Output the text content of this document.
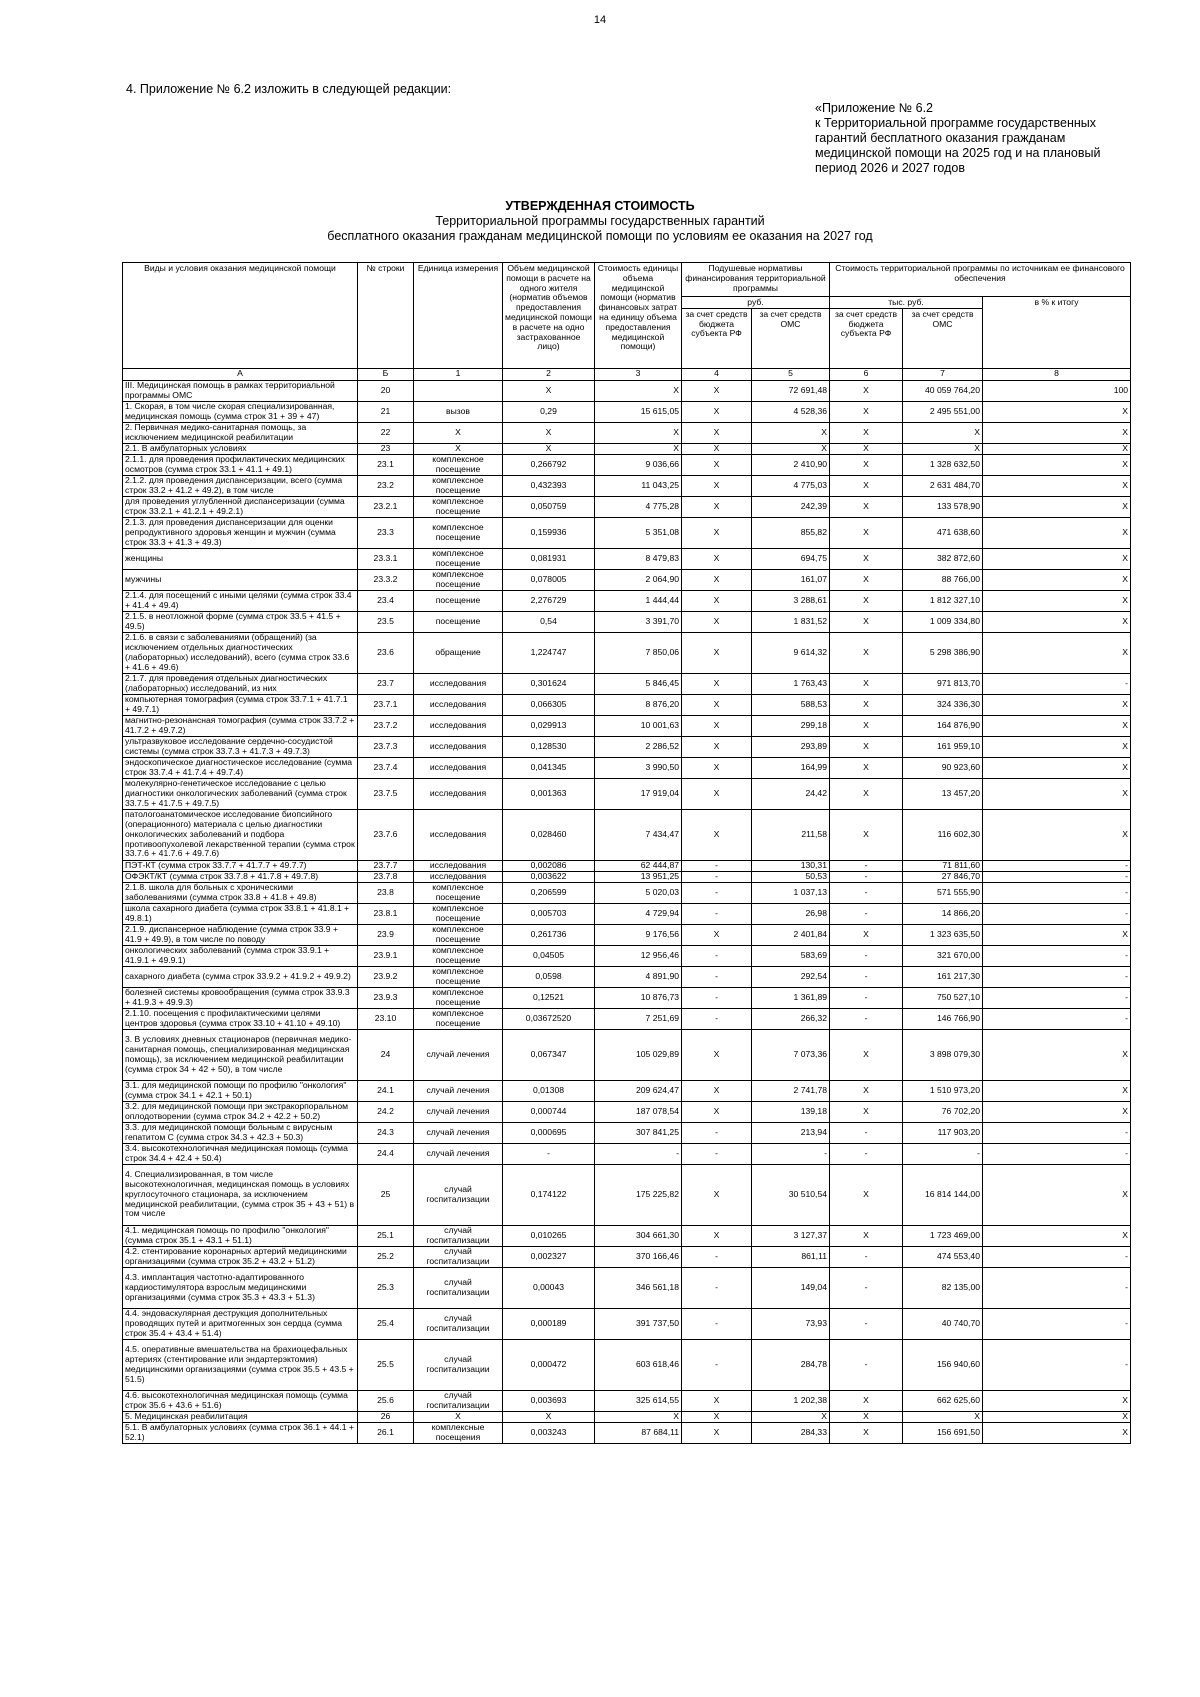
14
4. Приложение № 6.2 изложить в следующей редакции:
«Приложение № 6.2
к Территориальной программе государственных
гарантий бесплатного оказания гражданам
медицинской помощи на 2025 год и на плановый
период 2026 и 2027 годов
УТВЕРЖДЕННАЯ СТОИМОСТЬ
Территориальной программы государственных гарантий
бесплатного оказания гражданам медицинской помощи по условиям ее оказания на 2027 год
Виды и условия оказания медицинской помощи	№ строки	Единица измерения	Объем медицинской помощи в расчете на одного жителя (норматив объемов предоставления медицинской помощи в расчете на одно застрахованное лицо)	Стоимость единицы объема медицинской помощи (норматив финансовых затрат на единицу объема предоставления медицинской помощи)	Подушевые нормативы финансирования территориальной программы		Стоимость территориальной программы по источникам ее финансового обеспечения		
					руб.		тыс. руб.		в % к итогу
					за счет средств бюджета субъекта РФ	за счет средств ОМС	за счет средств бюджета субъекта РФ	за счет средств ОМС	
А	Б	1	2	3	4	5	6	7	8
III. Медицинская помощь в рамках территориальной программы ОМС	20		Х	Х	Х	72 691,48	Х	40 059 764,20	100
1. Скорая, в том числе скорая специализированная, медицинская помощь (сумма строк 31 + 39 + 47)	21	вызов	0,29	15 615,05	Х	4 528,36	Х	2 495 551,00	Х
2. Первичная медико-санитарная помощь, за исключением медицинской реабилитации	22	Х	Х	Х	Х	Х	Х	Х	Х
2.1. В амбулаторных условиях	23	Х	Х	Х	Х	Х	Х	Х	Х
2.1.1. для проведения профилактических медицинских осмотров (сумма строк 33.1 + 41.1 + 49.1)	23.1	комплексное посещение	0,266792	9 036,66	Х	2 410,90	Х	1 328 632,50	Х
2.1.2. для проведения диспансеризации, всего (сумма строк 33.2 + 41.2 + 49.2), в том числе	23.2	комплексное посещение	0,432393	11 043,25	Х	4 775,03	Х	2 631 484,70	Х
для проведения углубленной диспансеризации (сумма строк 33.2.1 + 41.2.1 + 49.2.1)	23.2.1	комплексное посещение	0,050759	4 775,28	Х	242,39	Х	133 578,90	Х
2.1.3. для проведения диспансеризации для оценки репродуктивного здоровья женщин и мужчин (сумма строк 33.3 + 41.3 + 49.3)	23.3	комплексное посещение	0,159936	5 351,08	Х	855,82	Х	471 638,60	Х
женщины	23.3.1	комплексное посещение	0,081931	8 479,83	Х	694,75	Х	382 872,60	Х
мужчины	23.3.2	комплексное посещение	0,078005	2 064,90	Х	161,07	Х	88 766,00	Х
2.1.4. для посещений с иными целями (сумма строк 33.4 + 41.4 + 49.4)	23.4	посещение	2,276729	1 444,44	Х	3 288,61	Х	1 812 327,10	Х
2.1.5. в неотложной форме (сумма строк 33.5 + 41.5 + 49.5)	23.5	посещение	0,54	3 391,70	Х	1 831,52	Х	1 009 334,80	Х
2.1.6. в связи с заболеваниями (обращений) (за исключением отдельных диагностических (лабораторных) исследований), всего (сумма строк 33.6 + 41.6 + 49.6)	23.6	обращение	1,224747	7 850,06	Х	9 614,32	Х	5 298 386,90	Х
2.1.7. для проведения отдельных диагностических (лабораторных) исследований, из них	23.7	исследования	0,301624	5 846,45	Х	1 763,43	Х	971 813,70	-
компьютерная томография (сумма строк 33.7.1 + 41.7.1 + 49.7.1)	23.7.1	исследования	0,066305	8 876,20	Х	588,53	Х	324 336,30	Х
магнитно-резонансная томография (сумма строк 33.7.2 + 41.7.2 + 49.7.2)	23.7.2	исследования	0,029913	10 001,63	Х	299,18	Х	164 876,90	Х
ультразвуковое исследование сердечно-сосудистой системы (сумма строк 33.7.3 + 41.7.3 + 49.7.3)	23.7.3	исследования	0,128530	2 286,52	Х	293,89	Х	161 959,10	Х
эндоскопическое диагностическое исследование (сумма строк 33.7.4 + 41.7.4 + 49.7.4)	23.7.4	исследования	0,041345	3 990,50	Х	164,99	Х	90 923,60	Х
молекулярно-генетическое исследование с целью диагностики онкологических заболеваний (сумма строк 33.7.5 + 41.7.5 + 49.7.5)	23.7.5	исследования	0,001363	17 919,04	Х	24,42	Х	13 457,20	Х
патологоанатомическое исследование биопсийного (операционного) материала с целью диагностики онкологических заболеваний и подбора противоопухолевой лекарственной терапии (сумма строк 33.7.6 + 41.7.6 + 49.7.6)	23.7.6	исследования	0,028460	7 434,47	Х	211,58	Х	116 602,30	Х
ПЭТ-КТ (сумма строк 33.7.7 + 41.7.7 + 49.7.7)	23.7.7	исследования	0,002086	62 444,87	-	130,31	-	71 811,60	-
ОФЭКТ/КТ (сумма строк 33.7.8 + 41.7.8 + 49.7.8)	23.7.8	исследования	0,003622	13 951,25	-	50,53	-	27 846,70	-
2.1.8. школа для больных с хроническими заболеваниями (сумма строк 33.8 + 41.8 + 49.8)	23.8	комплексное посещение	0,206599	5 020,03	-	1 037,13	-	571 555,90	-
школа сахарного диабета (сумма строк 33.8.1 + 41.8.1 + 49.8.1)	23.8.1	комплексное посещение	0,005703	4 729,94	-	26,98	-	14 866,20	-
2.1.9. диспансерное наблюдение (сумма строк 33.9 + 41.9 + 49.9), в том числе по поводу	23.9	комплексное посещение	0,261736	9 176,56	Х	2 401,84	Х	1 323 635,50	Х
онкологических заболеваний (сумма строк 33.9.1 + 41.9.1 + 49.9.1)	23.9.1	комплексное посещение	0,04505	12 956,46	-	583,69	-	321 670,00	-
сахарного диабета (сумма строк 33.9.2 + 41.9.2 + 49.9.2)	23.9.2	комплексное посещение	0,0598	4 891,90	-	292,54	-	161 217,30	-
болезней системы кровообращения (сумма строк 33.9.3 + 41.9.3 + 49.9.3)	23.9.3	комплексное посещение	0,12521	10 876,73	-	1 361,89	-	750 527,10	-
2.1.10. посещения с профилактическими целями центров здоровья (сумма строк 33.10 + 41.10 + 49.10)	23.10	комплексное посещение	0,03672520	7 251,69	-	266,32	-	146 766,90	-
3. В условиях дневных стационаров (первичная медико-санитарная помощь, специализированная медицинская помощь), за исключением медицинской реабилитации (сумма строк 34 + 42 + 50), в том числе	24	случай лечения	0,067347	105 029,89	Х	7 073,36	Х	3 898 079,30	Х
3.1. для медицинской помощи по профилю "онкология" (сумма строк 34.1 + 42.1 + 50.1)	24.1	случай лечения	0,01308	209 624,47	Х	2 741,78	Х	1 510 973,20	Х
3.2. для медицинской помощи при экстракорпоральном оплодотворении (сумма строк 34.2 + 42.2 + 50.2)	24.2	случай лечения	0,000744	187 078,54	Х	139,18	Х	76 702,20	Х
3.3. для медицинской помощи больным с вирусным гепатитом С (сумма строк 34.3 + 42.3 + 50.3)	24.3	случай лечения	0,000695	307 841,25	-	213,94	-	117 903,20	-
3.4. высокотехнологичная медицинская помощь (сумма строк 34.4 + 42.4 + 50.4)	24.4	случай лечения	-	-	-	-	-	-	-
4. Специализированная, в том числе высокотехнологичная, медицинская помощь в условиях круглосуточного стационара, за исключением медицинской реабилитации, (сумма строк 35 + 43 + 51) в том числе	25	случай госпитализации	0,174122	175 225,82	Х	30 510,54	Х	16 814 144,00	Х
4.1. медицинская помощь по профилю "онкология" (сумма строк 35.1 + 43.1 + 51.1)	25.1	случай госпитализации	0,010265	304 661,30	Х	3 127,37	Х	1 723 469,00	Х
4.2. стентирование коронарных артерий медицинскими организациями (сумма строк 35.2 + 43.2 + 51.2)	25.2	случай госпитализации	0,002327	370 166,46	-	861,11	-	474 553,40	-
4.3. имплантация частотно-адаптированного кардиостимулятора взрослым медицинскими организациями (сумма строк 35.3 + 43.3 + 51.3)	25.3	случай госпитализации	0,00043	346 561,18	-	149,04	-	82 135,00	-
4.4. эндоваскулярная деструкция дополнительных проводящих путей и аритмогенных зон сердца (сумма строк 35.4 + 43.4 + 51.4)	25.4	случай госпитализации	0,000189	391 737,50	-	73,93	-	40 740,70	-
4.5. оперативные вмешательства на брахиоцефальных артериях (стентирование или эндартерэктомия) медицинскими организациями (сумма строк 35.5 + 43.5 + 51.5)	25.5	случай госпитализации	0,000472	603 618,46	-	284,78	-	156 940,60	-
4.6. высокотехнологичная медицинская помощь (сумма строк 35.6 + 43.6 + 51.6)	25.6	случай госпитализации	0,003693	325 614,55	Х	1 202,38	Х	662 625,60	Х
5. Медицинская реабилитация	26	Х	Х	Х	Х	Х	Х	Х	Х
5.1. В амбулаторных условиях (сумма строк 36.1 + 44.1 + 52.1)	26.1	комплексные посещения	0,003243	87 684,11	Х	284,33	Х	156 691,50	Х
